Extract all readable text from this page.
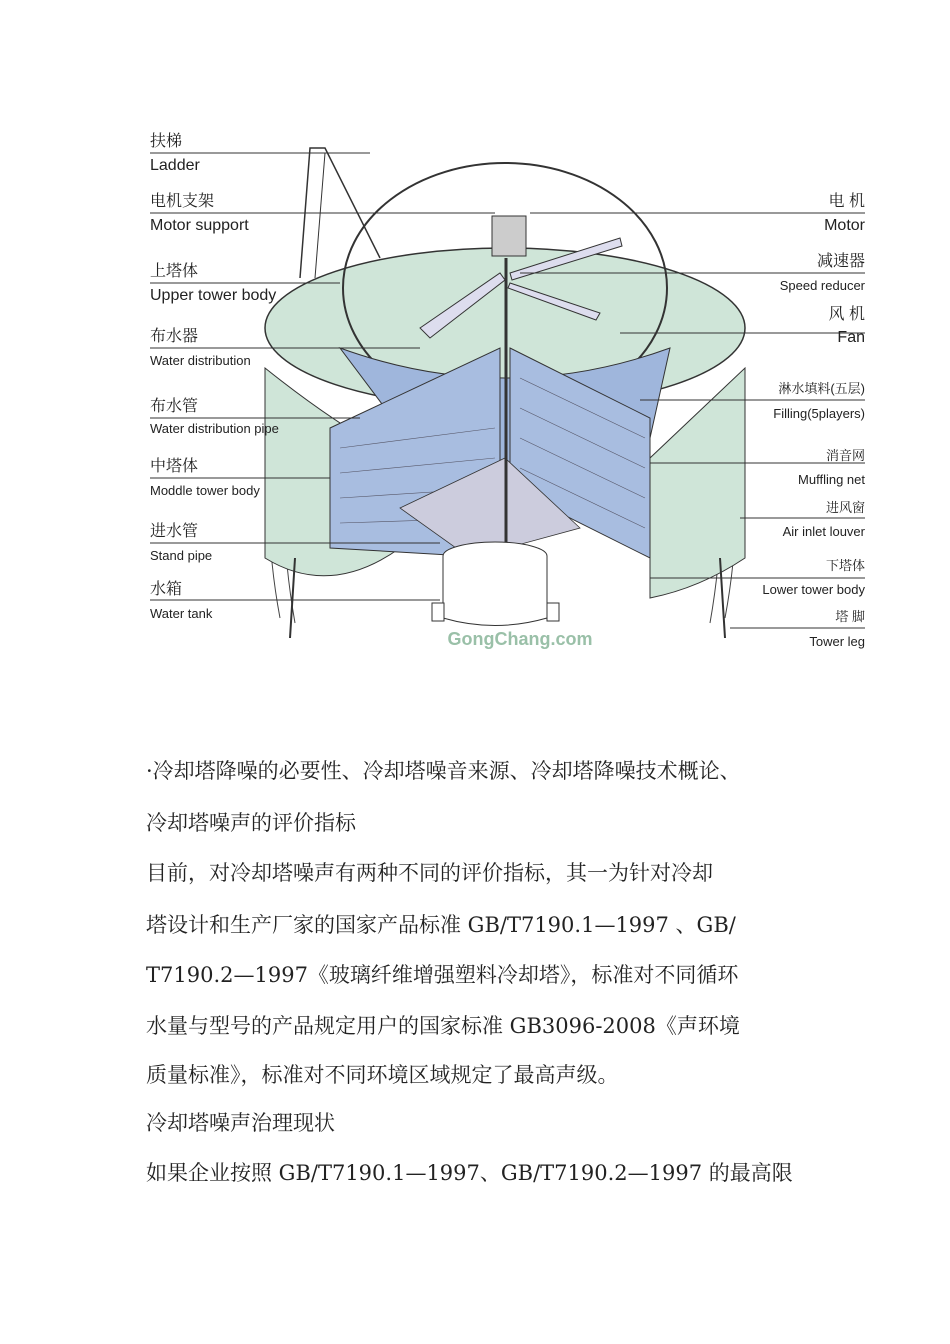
扶梯
Ladder
电机支架
Motor support
上塔体
Upper tower body
布水器
Water distribution
布水管
Water distribution pipe
中塔体
Moddle tower body
进水管
Stand pipe
水箱
Water tank
电 机
Motor
减速器
Speed reducer
风 机
Fan
淋水填料(五层)
Filling(5players)
消音网
Muffling net
进风窗
Air inlet louver
下塔体
Lower tower body
塔 脚
Tower leg
GongChang.com

·冷却塔降噪的必要性、冷却塔噪音来源、冷却塔降噪技术概论、

冷却塔噪声的评价指标

目前，对冷却塔噪声有两种不同的评价指标，其一为针对冷却

塔设计和生产厂家的国家产品标准 GB/T7190.1—1997 、GB/

T7190.2—1997《玻璃纤维增强塑料冷却塔》，标准对不同循环

水量与型号的产品规定用户的国家标准 GB3096-2008《声环境

质量标准》，标准对不同环境区域规定了最高声级。

冷却塔噪声治理现状

如果企业按照 GB/T7190.1—1997、GB/T7190.2—1997 的最高限
